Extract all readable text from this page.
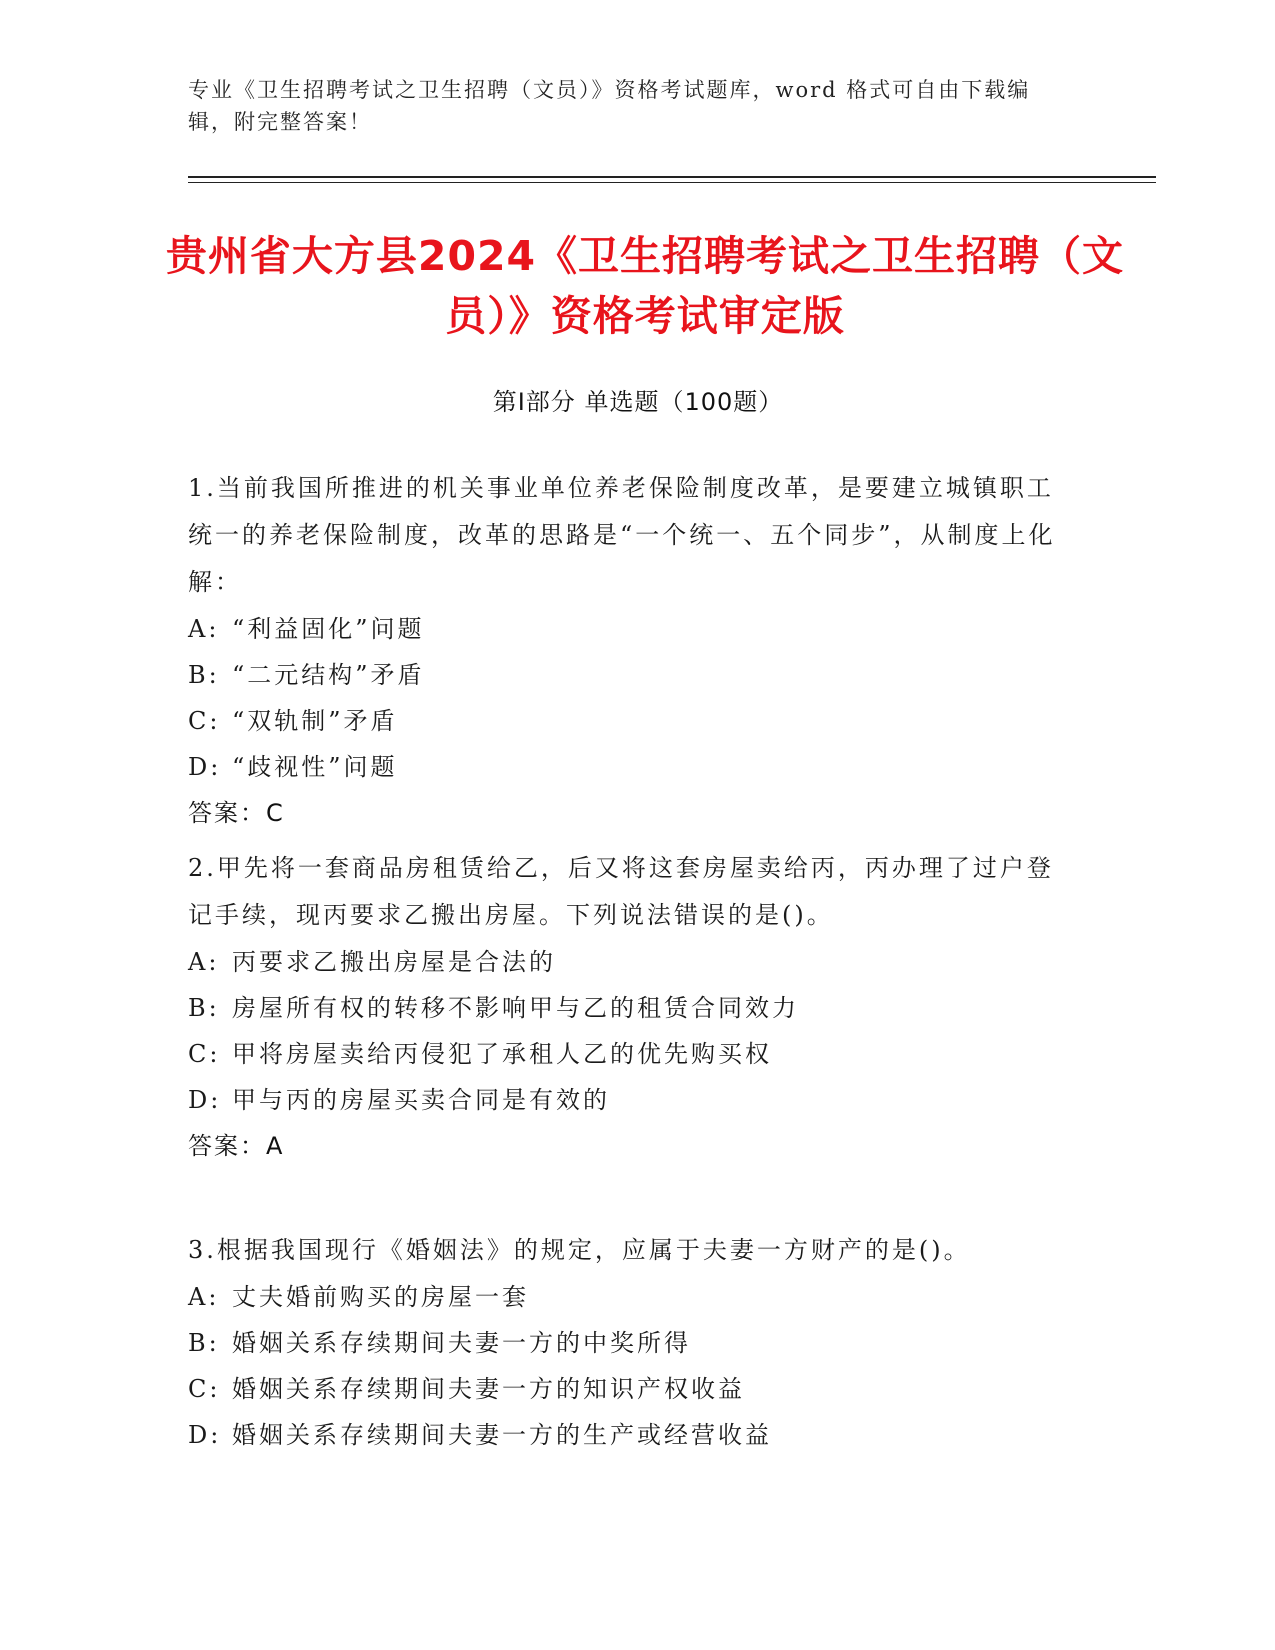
专业《卫生招聘考试之卫生招聘（文员）》资格考试题库，word 格式可自由下载编辑，附完整答案！
贵州省大方县2024《卫生招聘考试之卫生招聘（文员）》资格考试审定版
第Ⅰ部分 单选题（100题）

1.当前我国所推进的机关事业单位养老保险制度改革，是要建立城镇职工统一的养老保险制度，改革的思路是“一个统一、五个同步”，从制度上化解：

A: “利益固化”问题

B: “二元结构”矛盾

C: “双轨制”矛盾

D: “歧视性”问题

答案：C

2.甲先将一套商品房租赁给乙，后又将这套房屋卖给丙，丙办理了过户登记手续，现丙要求乙搬出房屋。下列说法错误的是()。

A: 丙要求乙搬出房屋是合法的

B: 房屋所有权的转移不影响甲与乙的租赁合同效力

C: 甲将房屋卖给丙侵犯了承租人乙的优先购买权

D: 甲与丙的房屋买卖合同是有效的

答案：A

3.根据我国现行《婚姻法》的规定，应属于夫妻一方财产的是()。

A: 丈夫婚前购买的房屋一套

B: 婚姻关系存续期间夫妻一方的中奖所得

C: 婚姻关系存续期间夫妻一方的知识产权收益

D: 婚姻关系存续期间夫妻一方的生产或经营收益
